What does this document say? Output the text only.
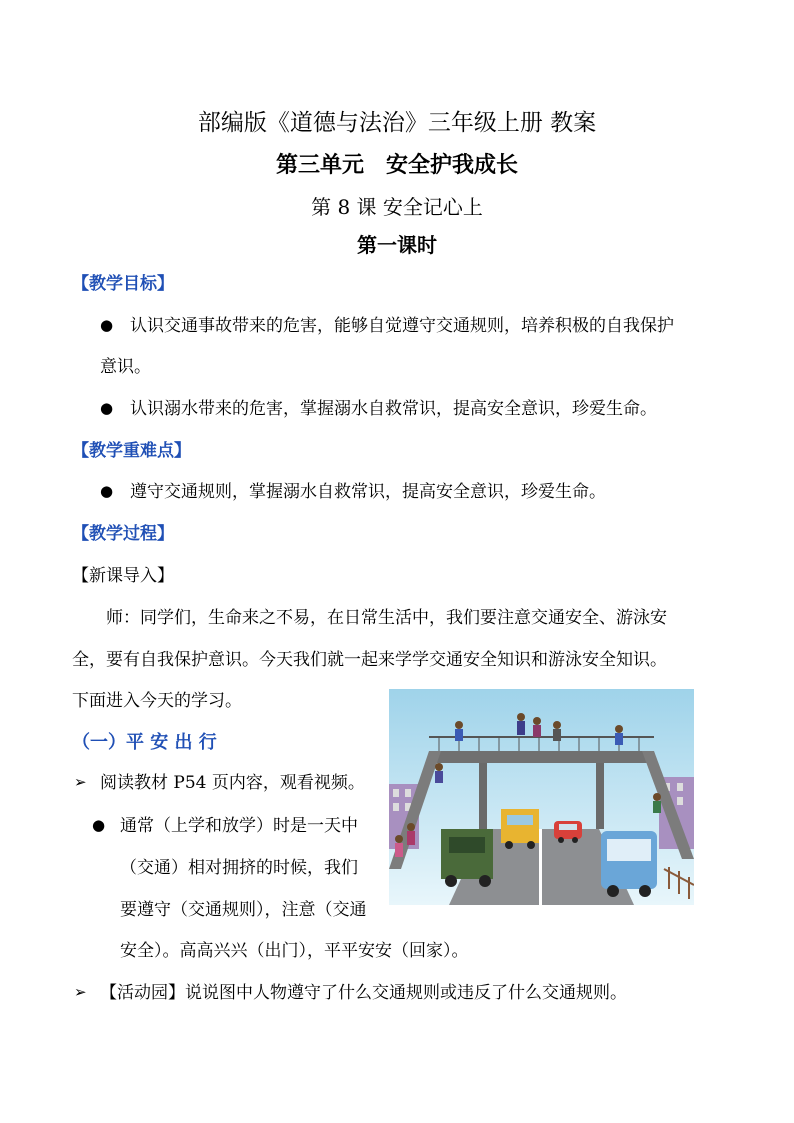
部编版《道德与法治》三年级上册 教案
第三单元　安全护我成长
第 8 课 安全记心上
第一课时
【教学目标】
● 认识交通事故带来的危害，能够自觉遵守交通规则，培养积极的自我保护
意识。
● 认识溺水带来的危害，掌握溺水自救常识，提高安全意识，珍爱生命。
【教学重难点】
● 遵守交通规则，掌握溺水自救常识，提高安全意识，珍爱生命。
【教学过程】
【新课导入】
师：同学们，生命来之不易，在日常生活中，我们要注意交通安全、游泳安
全，要有自我保护意识。今天我们就一起来学学交通安全知识和游泳安全知识。
下面进入今天的学习。
（一）平 安 出 行
➢ 阅读教材 P54 页内容，观看视频。
● 通常（上学和放学）时是一天中
（交通）相对拥挤的时候，我们
要遵守（交通规则），注意（交通
安全）。高高兴兴（出门），平平安安（回家）。
➢ 【活动园】说说图中人物遵守了什么交通规则或违反了什么交通规则。
